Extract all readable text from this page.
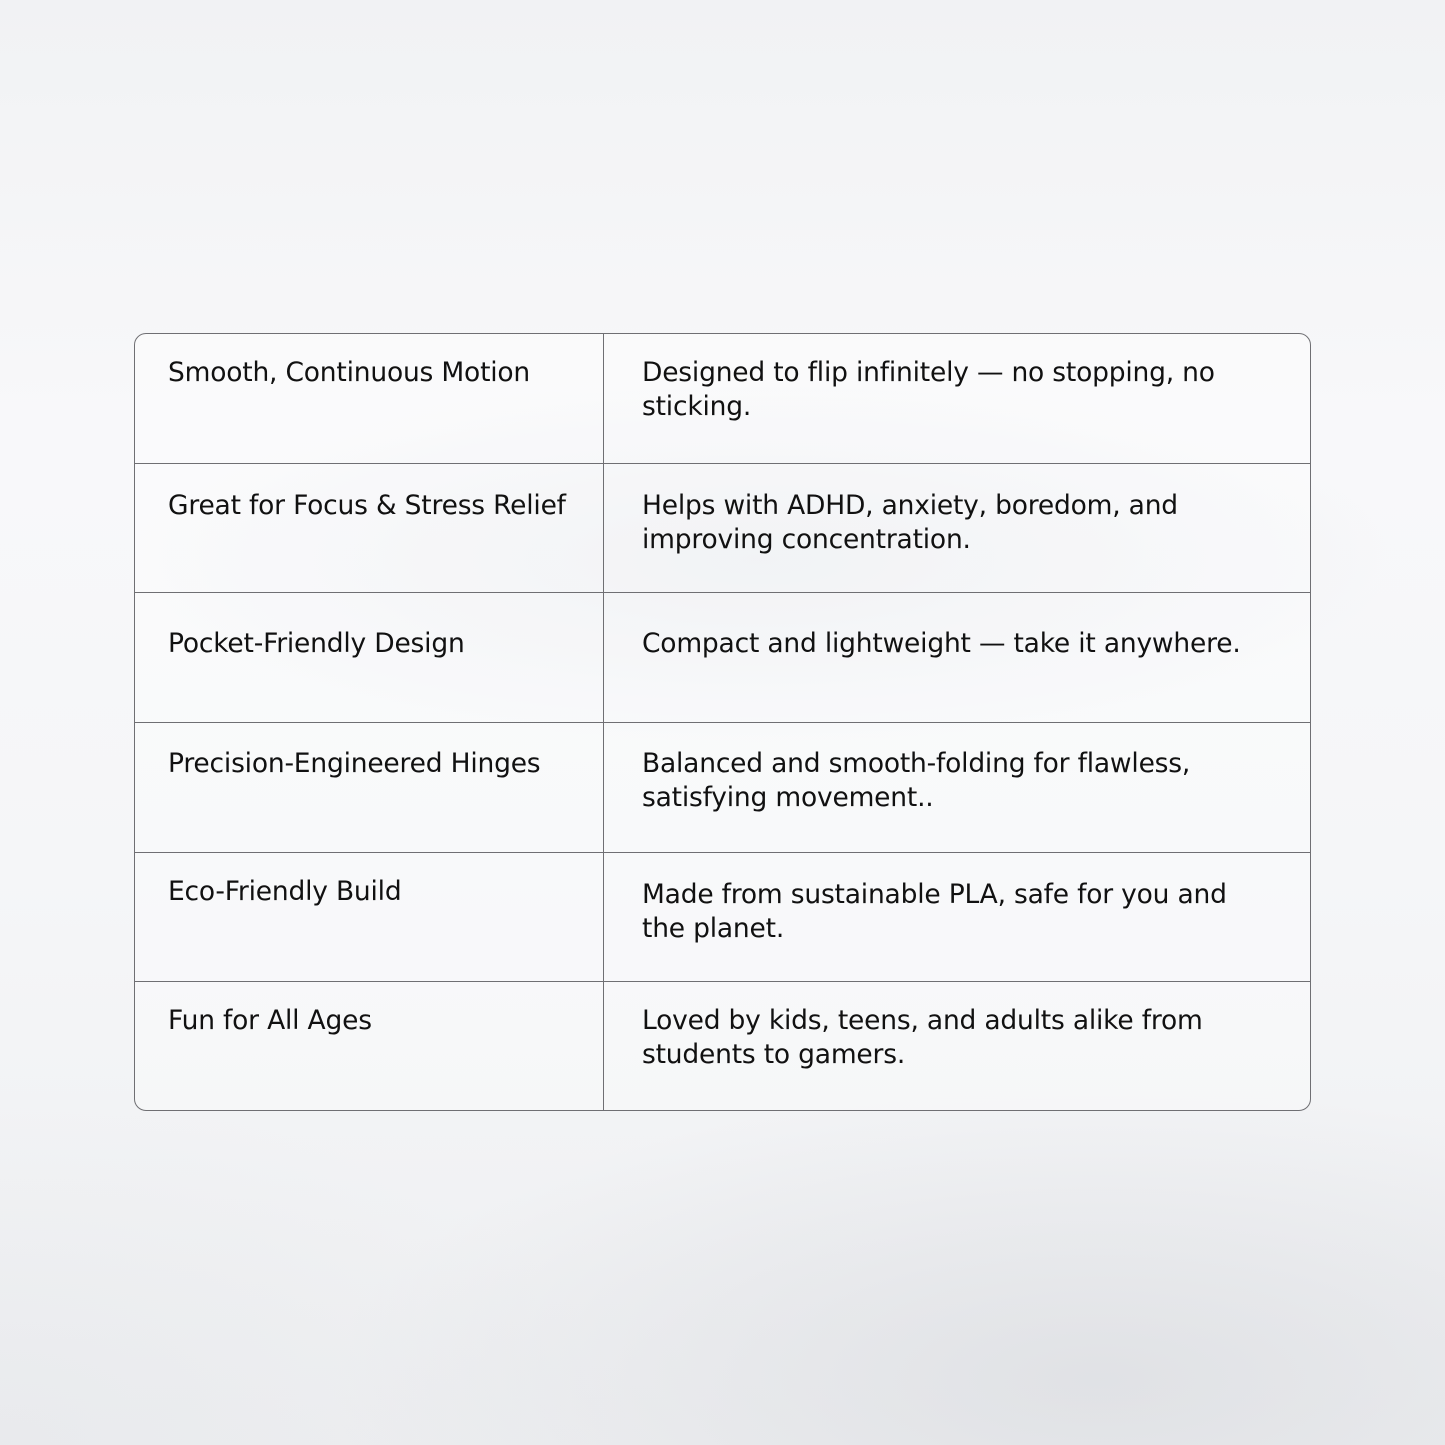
Smooth, Continuous Motion	Designed to flip infinitely — no stopping, no sticking.
Great for Focus & Stress Relief	Helps with ADHD, anxiety, boredom, and improving concentration.
Pocket-Friendly Design	Compact and lightweight — take it anywhere.
Precision-Engineered Hinges	Balanced and smooth-folding for flawless, satisfying movement..
Eco-Friendly Build	Made from sustainable PLA, safe for you and the planet.
Fun for All Ages	Loved by kids, teens, and adults alike from students to gamers.
